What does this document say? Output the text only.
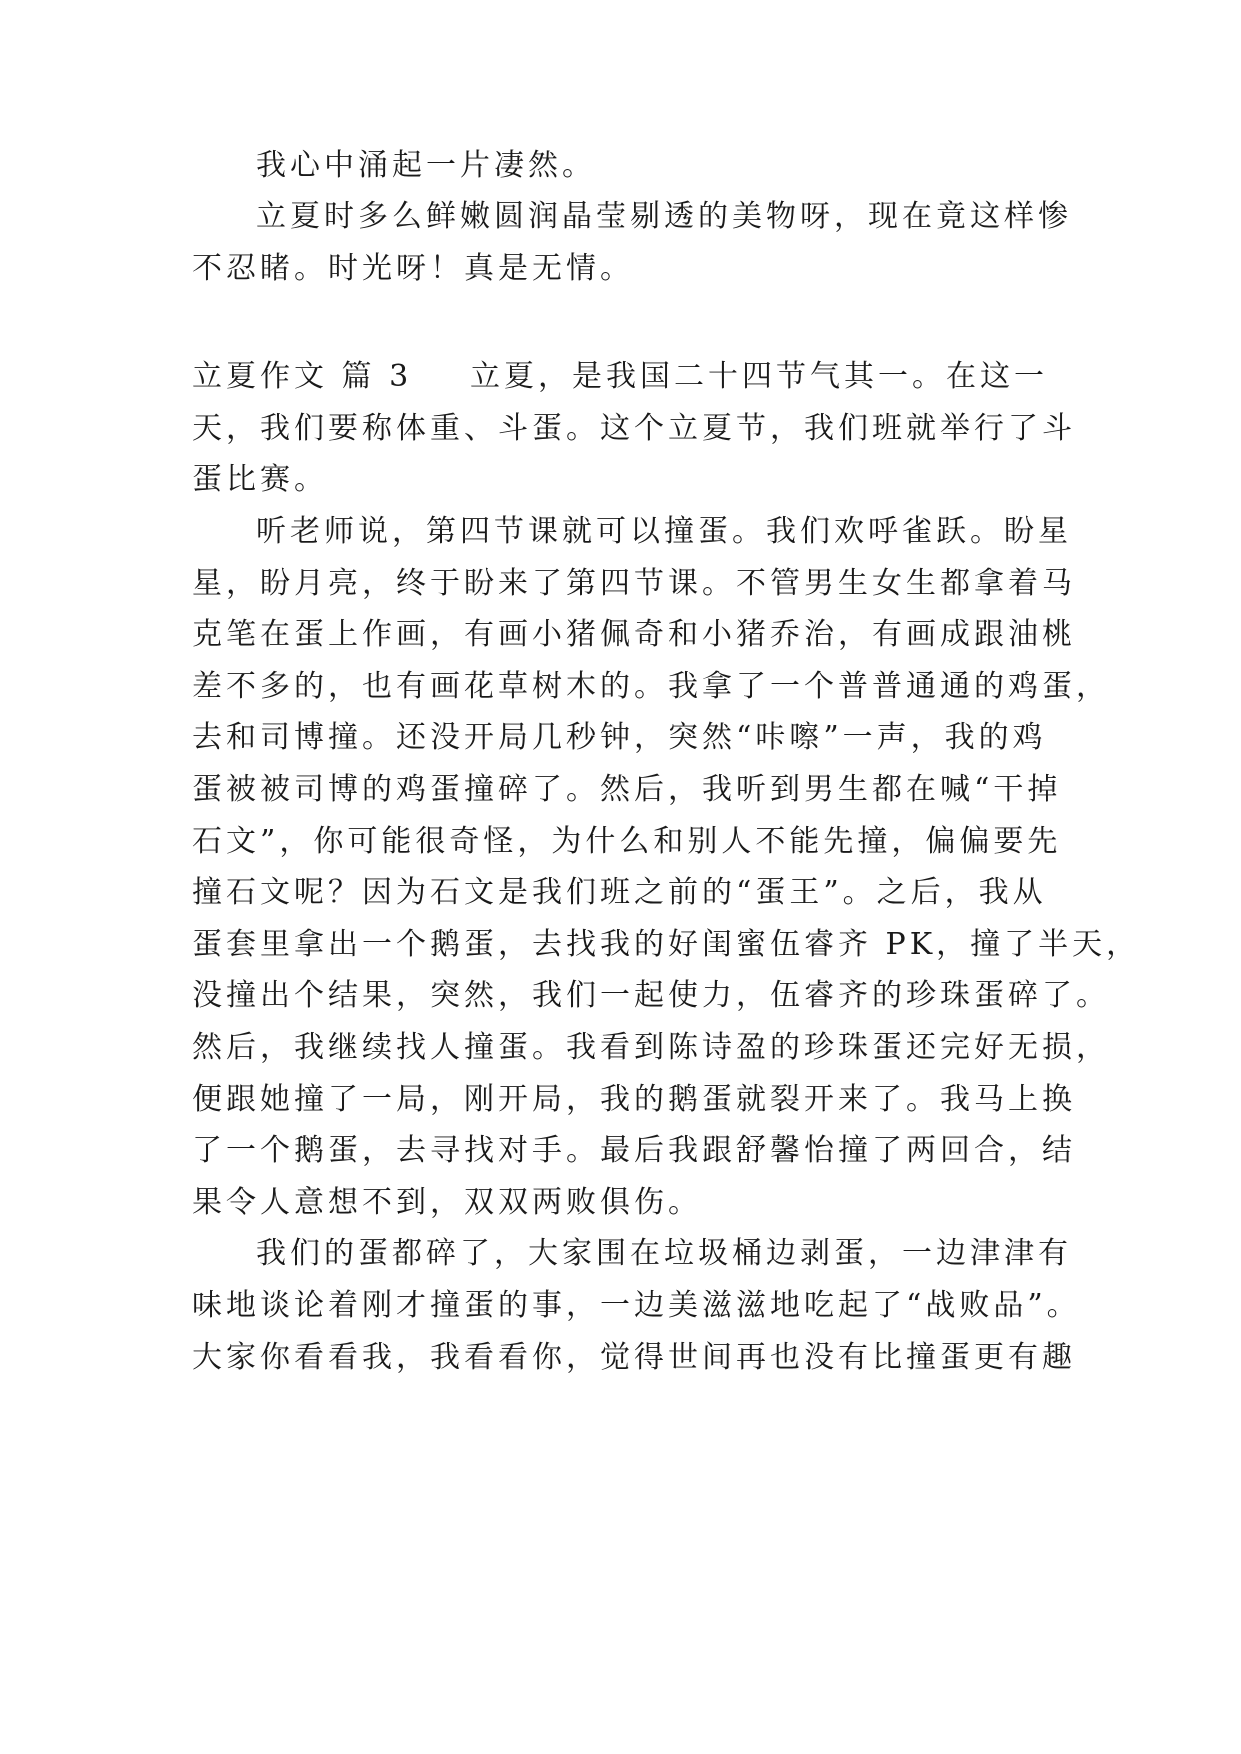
我心中涌起一片凄然。
立夏时多么鲜嫩圆润晶莹剔透的美物呀，现在竟这样惨
不忍睹。时光呀！真是无情。
立夏作文 篇 3 立夏，是我国二十四节气其一。在这一
天，我们要称体重、斗蛋。这个立夏节，我们班就举行了斗
蛋比赛。
听老师说，第四节课就可以撞蛋。我们欢呼雀跃。盼星
星，盼月亮，终于盼来了第四节课。不管男生女生都拿着马
克笔在蛋上作画，有画小猪佩奇和小猪乔治，有画成跟油桃
差不多的，也有画花草树木的。我拿了一个普普通通的鸡蛋，
去和司博撞。还没开局几秒钟，突然“咔嚓”一声，我的鸡
蛋被被司博的鸡蛋撞碎了。然后，我听到男生都在喊“干掉
石文”，你可能很奇怪，为什么和别人不能先撞，偏偏要先
撞石文呢？因为石文是我们班之前的“蛋王”。之后，我从
蛋套里拿出一个鹅蛋，去找我的好闺蜜伍睿齐 PK，撞了半天，
没撞出个结果，突然，我们一起使力，伍睿齐的珍珠蛋碎了。
然后，我继续找人撞蛋。我看到陈诗盈的珍珠蛋还完好无损，
便跟她撞了一局，刚开局，我的鹅蛋就裂开来了。我马上换
了一个鹅蛋，去寻找对手。最后我跟舒馨怡撞了两回合，结
果令人意想不到，双双两败俱伤。
我们的蛋都碎了，大家围在垃圾桶边剥蛋，一边津津有
味地谈论着刚才撞蛋的事，一边美滋滋地吃起了“战败品”。
大家你看看我，我看看你，觉得世间再也没有比撞蛋更有趣
